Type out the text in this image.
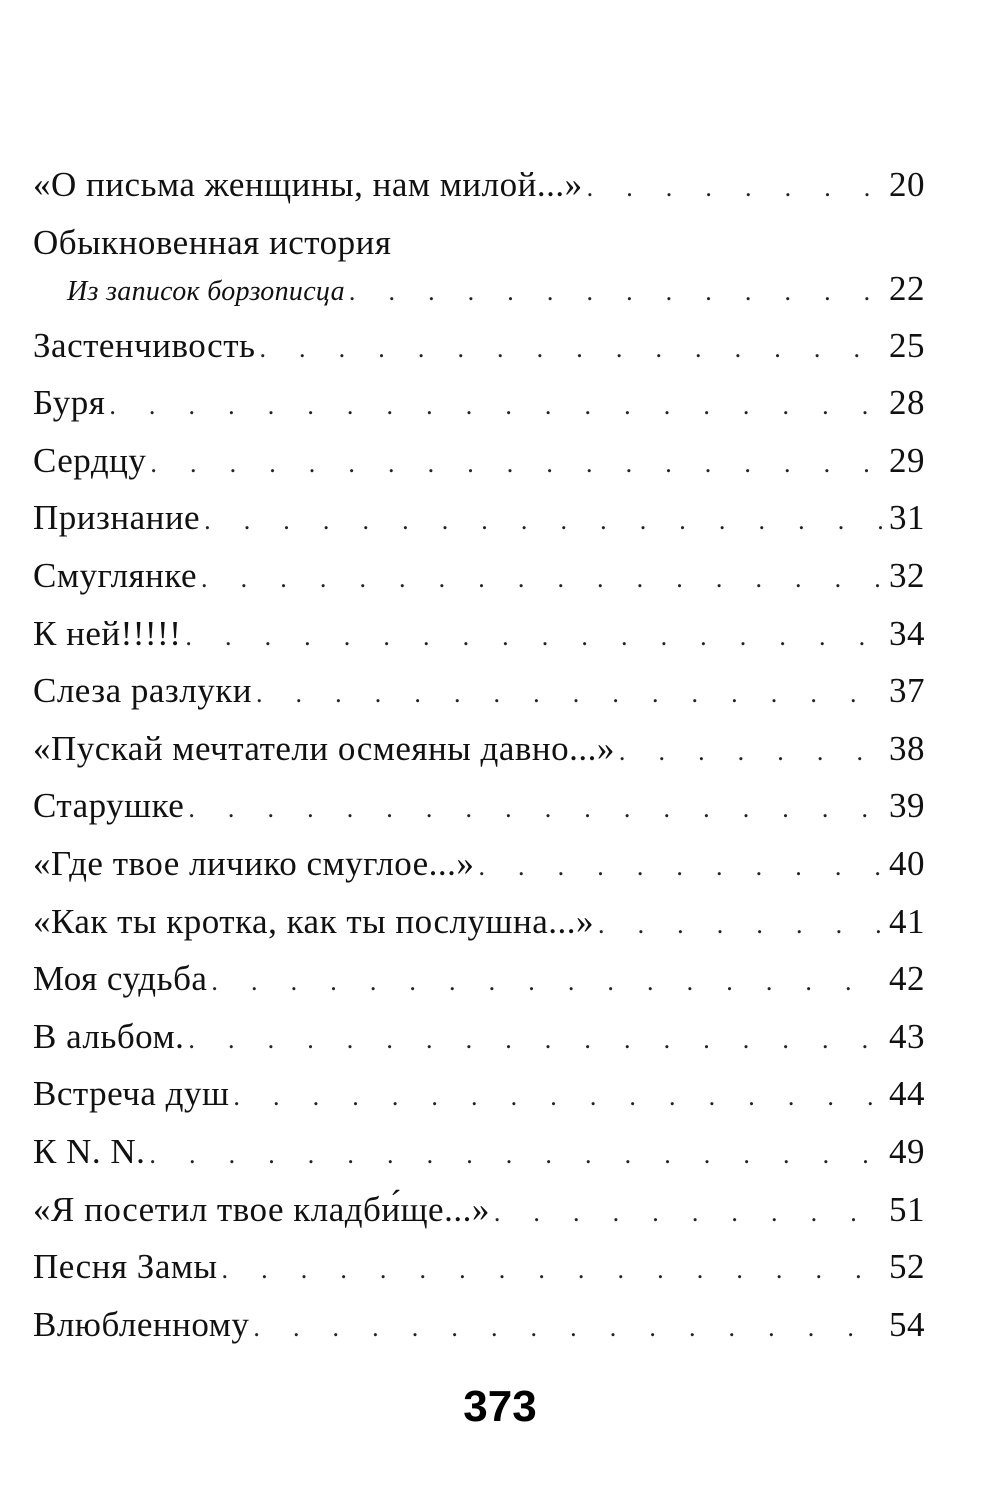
«О письма женщины, нам милой...» . . .	20
Обыкновенная история
Из записок борзописца . . .	22
Застенчивость . . .	25
Буря . . .	28
Сердцу . . .	29
Признание . . .	31
Смуглянке . . .	32
К ней!!!!! . . .	34
Слеза разлуки . . .	37
«Пускай мечтатели осмеяны давно...» . . .	38
Старушке . . .	39
«Где твое личико смуглое...» . . .	40
«Как ты кротка, как ты послушна...» . . .	41
Моя судьба . . .	42
В альбом. . . .	43
Встреча душ . . .	44
К N. N. . . .	49
«Я посетил твое кладби́ще...» . . .	51
Песня Замы . . .	52
Влюбленному . . .	54
373
